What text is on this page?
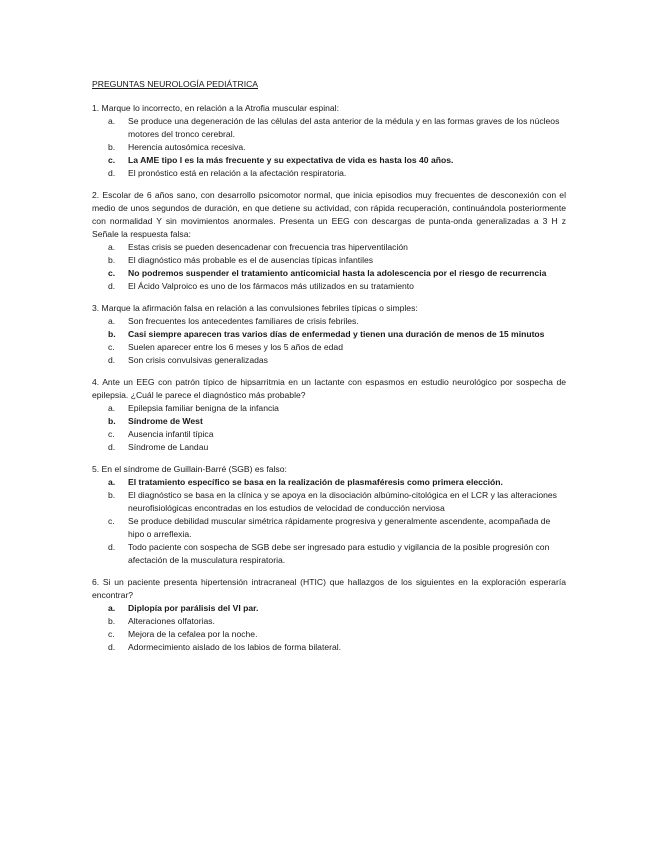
PREGUNTAS NEUROLOGÍA PEDIÁTRICA

1. Marque lo incorrecto, en relación a la Atrofia muscular espinal:

a.	Se produce una degeneración de las células del asta anterior de la médula y en las formas graves de los núcleos motores del tronco cerebral.
b.	Herencia autosómica recesiva.
c.	La AME tipo I es la más frecuente y su expectativa de vida es hasta los 40 años.
d.	El pronóstico está en relación a la afectación respiratoria.

2. Escolar de 6 años sano, con desarrollo psicomotor normal, que inicia episodios muy frecuentes de desconexión con el medio de unos segundos de duración, en que detiene su actividad, con rápida recuperación, continuándola posteriormente con normalidad Y sin movimientos anormales. Presenta un EEG con descargas de punta-onda generalizadas a 3 H z Señale la respuesta falsa:

a.	Estas crisis se pueden desencadenar con frecuencia tras hiperventilación
b.	El diagnóstico más probable es el de ausencias típicas infantiles
c.	No podremos suspender el tratamiento anticomicial hasta la adolescencia por el riesgo de recurrencia
d.	El Ácido Valproico es uno de los fármacos más utilizados en su tratamiento

3. Marque la afirmación falsa en relación a las convulsiones febriles típicas o simples:

a.	Son frecuentes los antecedentes familiares de crisis febriles.
b.	Casi siempre aparecen tras varios días de enfermedad y tienen una duración de menos de 15 minutos
c.	Suelen aparecer entre los 6 meses y los 5 años de edad
d.	Son crisis convulsivas generalizadas

4. Ante un EEG con patrón típico de hipsarritmia en un lactante con espasmos en estudio neurológico por sospecha de epilepsia. ¿Cuál le parece el diagnóstico más probable?

a.	Epilepsia familiar benigna de la infancia
b.	Síndrome de West
c.	Ausencia infantil típica
d.	Síndrome de Landau

5. En el síndrome de Guillain-Barré (SGB) es falso:

a.	El tratamiento específico se basa en la realización de plasmaféresis como primera elección.
b.	El diagnóstico se basa en la clínica y se apoya en la disociación albúmino-citológica en el LCR y las alteraciones neurofisiológicas encontradas en los estudios de velocidad de conducción nerviosa
c.	Se produce debilidad muscular simétrica rápidamente progresiva y generalmente ascendente, acompañada de hipo o arreflexia.
d.	Todo paciente con sospecha de SGB debe ser ingresado para estudio y vigilancia de la posible progresión con afectación de la musculatura respiratoria.

6. Si un paciente presenta hipertensión intracraneal (HTIC) que hallazgos de los siguientes en la exploración esperaría encontrar?

a.	Diplopía por parálisis del VI par.
b.	Alteraciones olfatorias.
c.	Mejora de la cefalea por la noche.
d.	Adormecimiento aislado de los labios de forma bilateral.
